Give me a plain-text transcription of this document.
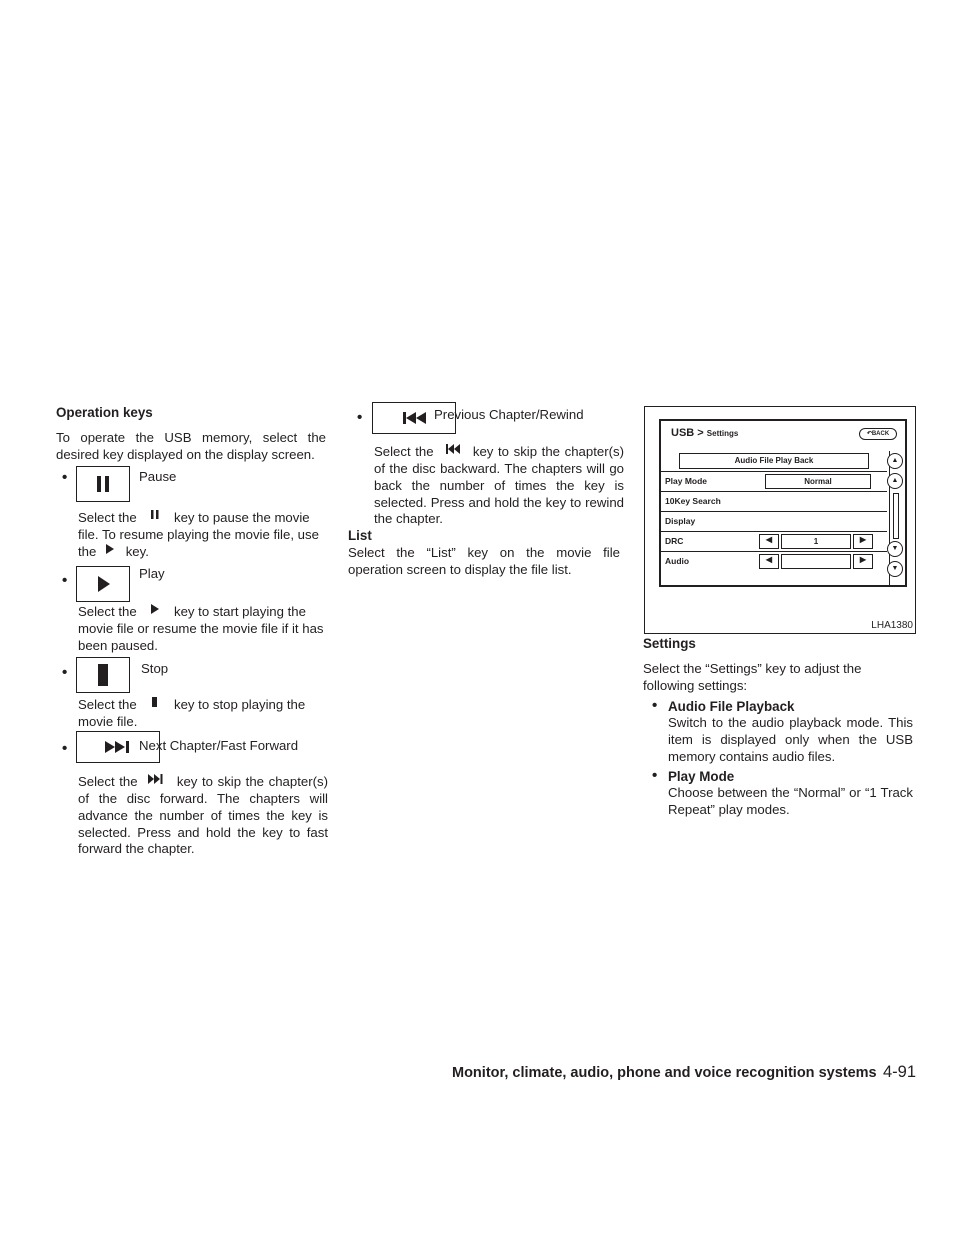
Operation keys

To operate the USB memory, select the desired key displayed on the display screen.

•	Pause
Select the	key to pause the movie file. To resume playing the movie file, use the key.
•	Play
Select the	key to start playing the movie file or resume the movie file if it has been paused.
•	Stop
Select the	key to stop playing the movie file.
•	Next Chapter/Fast Forward
Select the	key to skip the chapter(s) of the disc forward. The chapters will advance the number of times the key is selected. Press and hold the key to fast forward the chapter.
•	Previous Chapter/Rewind
Select the	key to skip the chapter(s) of the disc backward. The chapters will go back the number of times the key is selected. Press and hold the key to rewind the chapter.
List

Select the “List” key on the movie file operation screen to display the file list.

USB > Settings	↶BACK
Audio File Play Back
Play Mode	Normal
10Key Search
Display
DRC	◀	1	▶
Audio	◀	▶
▲
▲
▼
▼
LHA1380
Settings

Select the “Settings” key to adjust the following settings:

• Audio File Playback

Switch to the audio playback mode. This item is displayed only when the USB memory contains audio files.

• Play Mode

Choose between the “Normal” or “1 Track Repeat” play modes.

Monitor, climate, audio, phone and voice recognition systems 4-91
